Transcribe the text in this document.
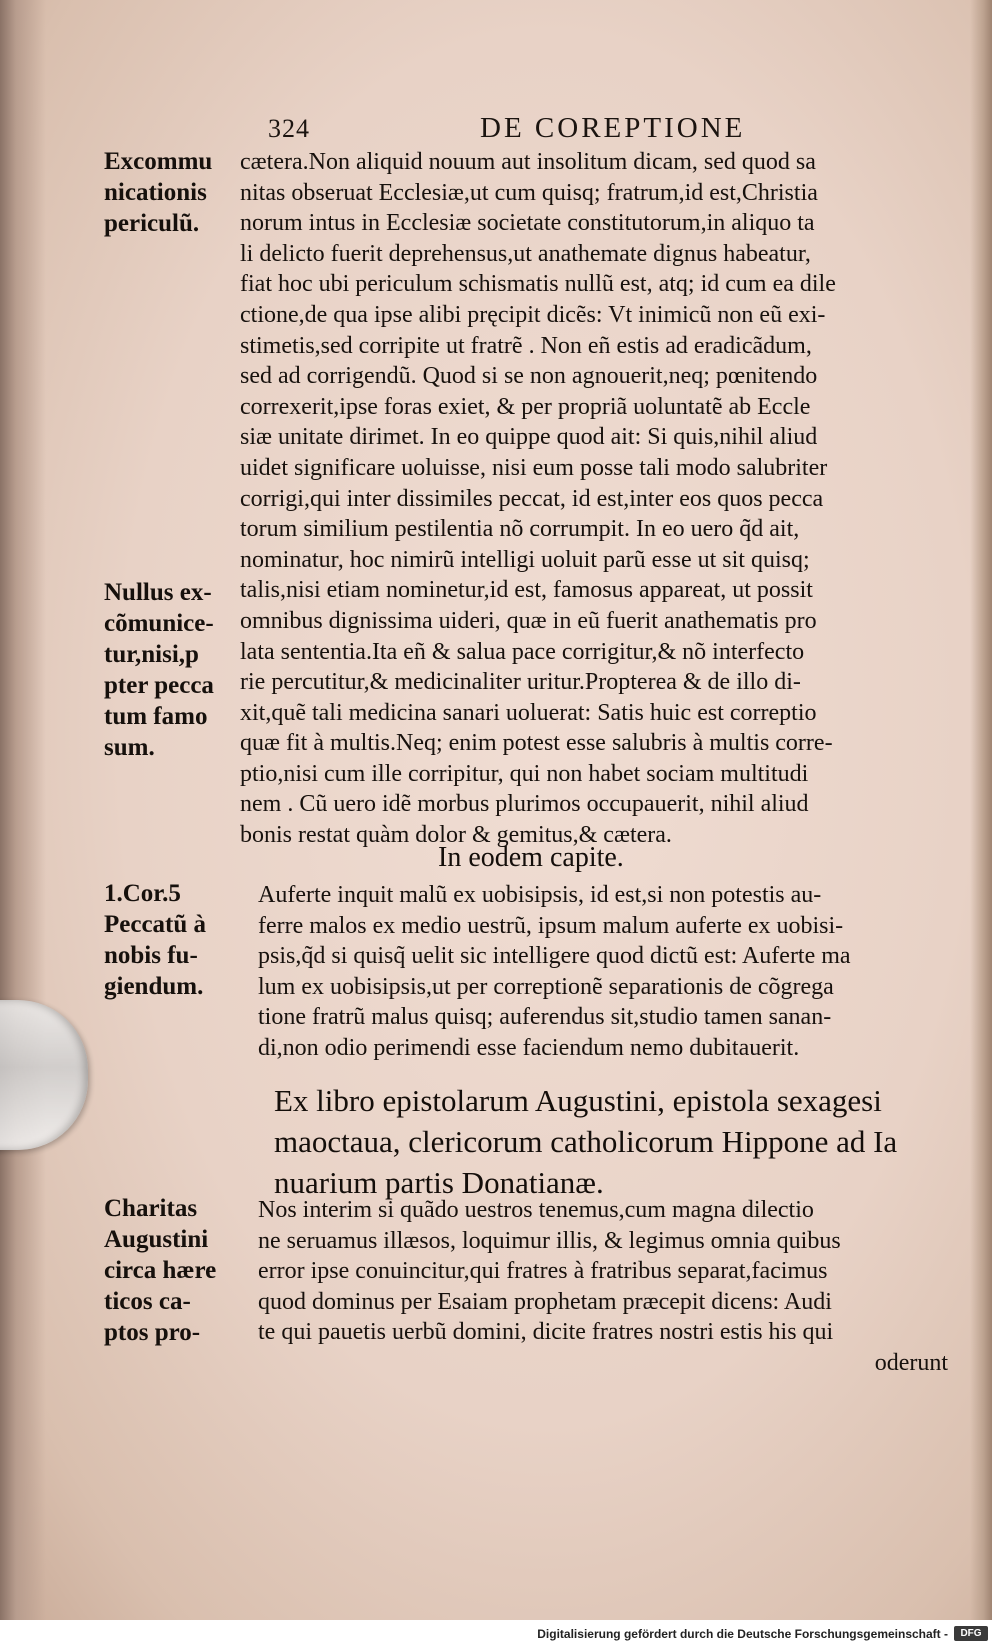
324	DE COREPTIONE
Excommu
nicationis
periculũ.
Nullus ex-
cõmunice-
tur,nisi,p
pter pecca
tum famo
sum.
1.Cor.5
Peccatũ à
nobis fu-
giendum.
Charitas
Augustini
circa hære
ticos ca-
ptos pro-
cætera.Non aliquid nouum aut insolitum dicam, sed quod sa
nitas obseruat Ecclesiæ,ut cum quisq; fratrum,id est,Christia
norum intus in Ecclesiæ societate constitutorum,in aliquo ta
li delicto fuerit deprehensus,ut anathemate dignus habeatur,
fiat hoc ubi periculum schismatis nullũ est, atq; id cum ea dile
ctione,de qua ipse alibi pręcipit dicẽs: Vt inimicũ non eũ exi-
stimetis,sed corripite ut fratrẽ . Non eñ estis ad eradicãdum,
sed ad corrigendũ. Quod si se non agnouerit,neq; pœnitendo
correxerit,ipse foras exiet, & per propriã uoluntatẽ ab Eccle
siæ unitate dirimet. In eo quippe quod ait: Si quis,nihil aliud
uidet significare uoluisse, nisi eum posse tali modo salubriter
corrigi,qui inter dissimiles peccat, id est,inter eos quos pecca
torum similium pestilentia nõ corrumpit. In eo uero q̃d ait,
nominatur, hoc nimirũ intelligi uoluit parũ esse ut sit quisq;
talis,nisi etiam nominetur,id est, famosus appareat, ut possit
omnibus dignissima uideri, quæ in eũ fuerit anathematis pro
lata sententia.Ita eñ & salua pace corrigitur,& nõ interfecto
rie percutitur,& medicinaliter uritur.Propterea & de illo di-
xit,quẽ tali medicina sanari uoluerat: Satis huic est correptio
quæ fit à multis.Neq; enim potest esse salubris à multis corre-
ptio,nisi cum ille corripitur, qui non habet sociam multitudi
nem . Cũ uero idẽ morbus plurimos occupauerit, nihil aliud
bonis restat quàm dolor & gemitus,& cætera.
In eodem capite.
Auferte inquit malũ ex uobisipsis, id est,si non potestis au-
ferre malos ex medio uestrũ, ipsum malum auferte ex uobisi-
psis,q̃d si quisq̃ uelit sic intelligere quod dictũ est: Auferte ma
lum ex uobisipsis,ut per correptionẽ separationis de cõgrega
tione fratrũ malus quisq; auferendus sit,studio tamen sanan-
di,non odio perimendi esse faciendum nemo dubitauerit.
Ex libro epistolarum Augustini, epistola sexagesi
maoctaua, clericorum catholicorum Hippone ad Ia
nuarium partis Donatianæ.
Nos interim si quãdo uestros tenemus,cum magna dilectio
ne seruamus illæsos, loquimur illis, & legimus omnia quibus
error ipse conuincitur,qui fratres à fratribus separat,facimus
quod dominus per Esaiam prophetam præcepit dicens: Audi
te qui pauetis uerbũ domini, dicite fratres nostri estis his qui
oderunt
Digitalisierung gefördert durch die Deutsche Forschungsgemeinschaft -	DFG
